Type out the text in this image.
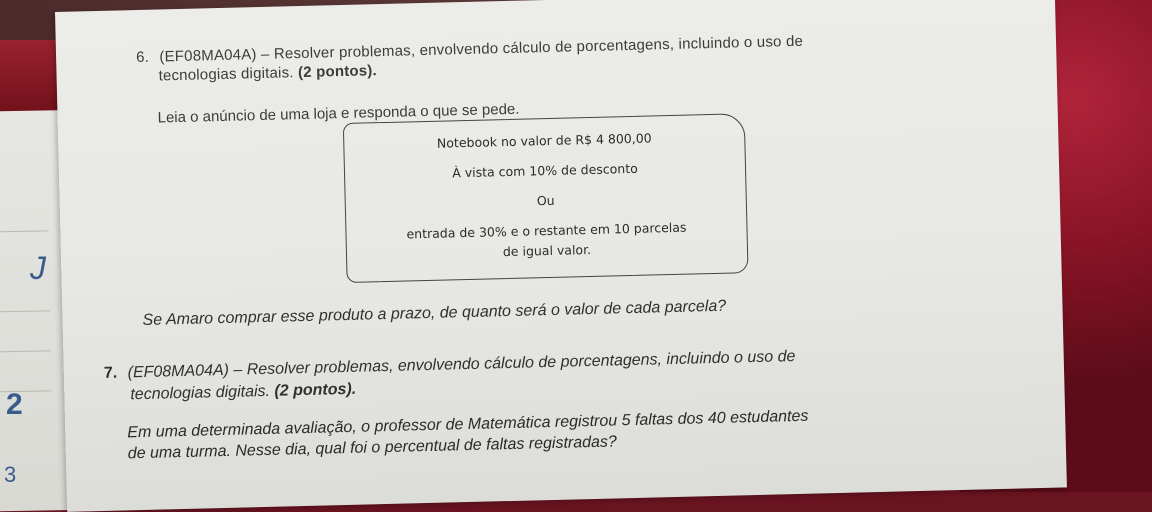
J
2
3
6. (EF08MA04A) – Resolver problemas, envolvendo cálculo de porcentagens, incluindo o uso de
tecnologias digitais. (2 pontos).
Leia o anúncio de uma loja e responda o que se pede.
Notebook no valor de R$ 4 800,00
À vista com 10% de desconto
Ou
entrada de 30% e o restante em 10 parcelas
de igual valor.
Se Amaro comprar esse produto a prazo, de quanto será o valor de cada parcela?
7. (EF08MA04A) – Resolver problemas, envolvendo cálculo de porcentagens, incluindo o uso de
tecnologias digitais. (2 pontos).
Em uma determinada avaliação, o professor de Matemática registrou 5 faltas dos 40 estudantes
de uma turma. Nesse dia, qual foi o percentual de faltas registradas?
